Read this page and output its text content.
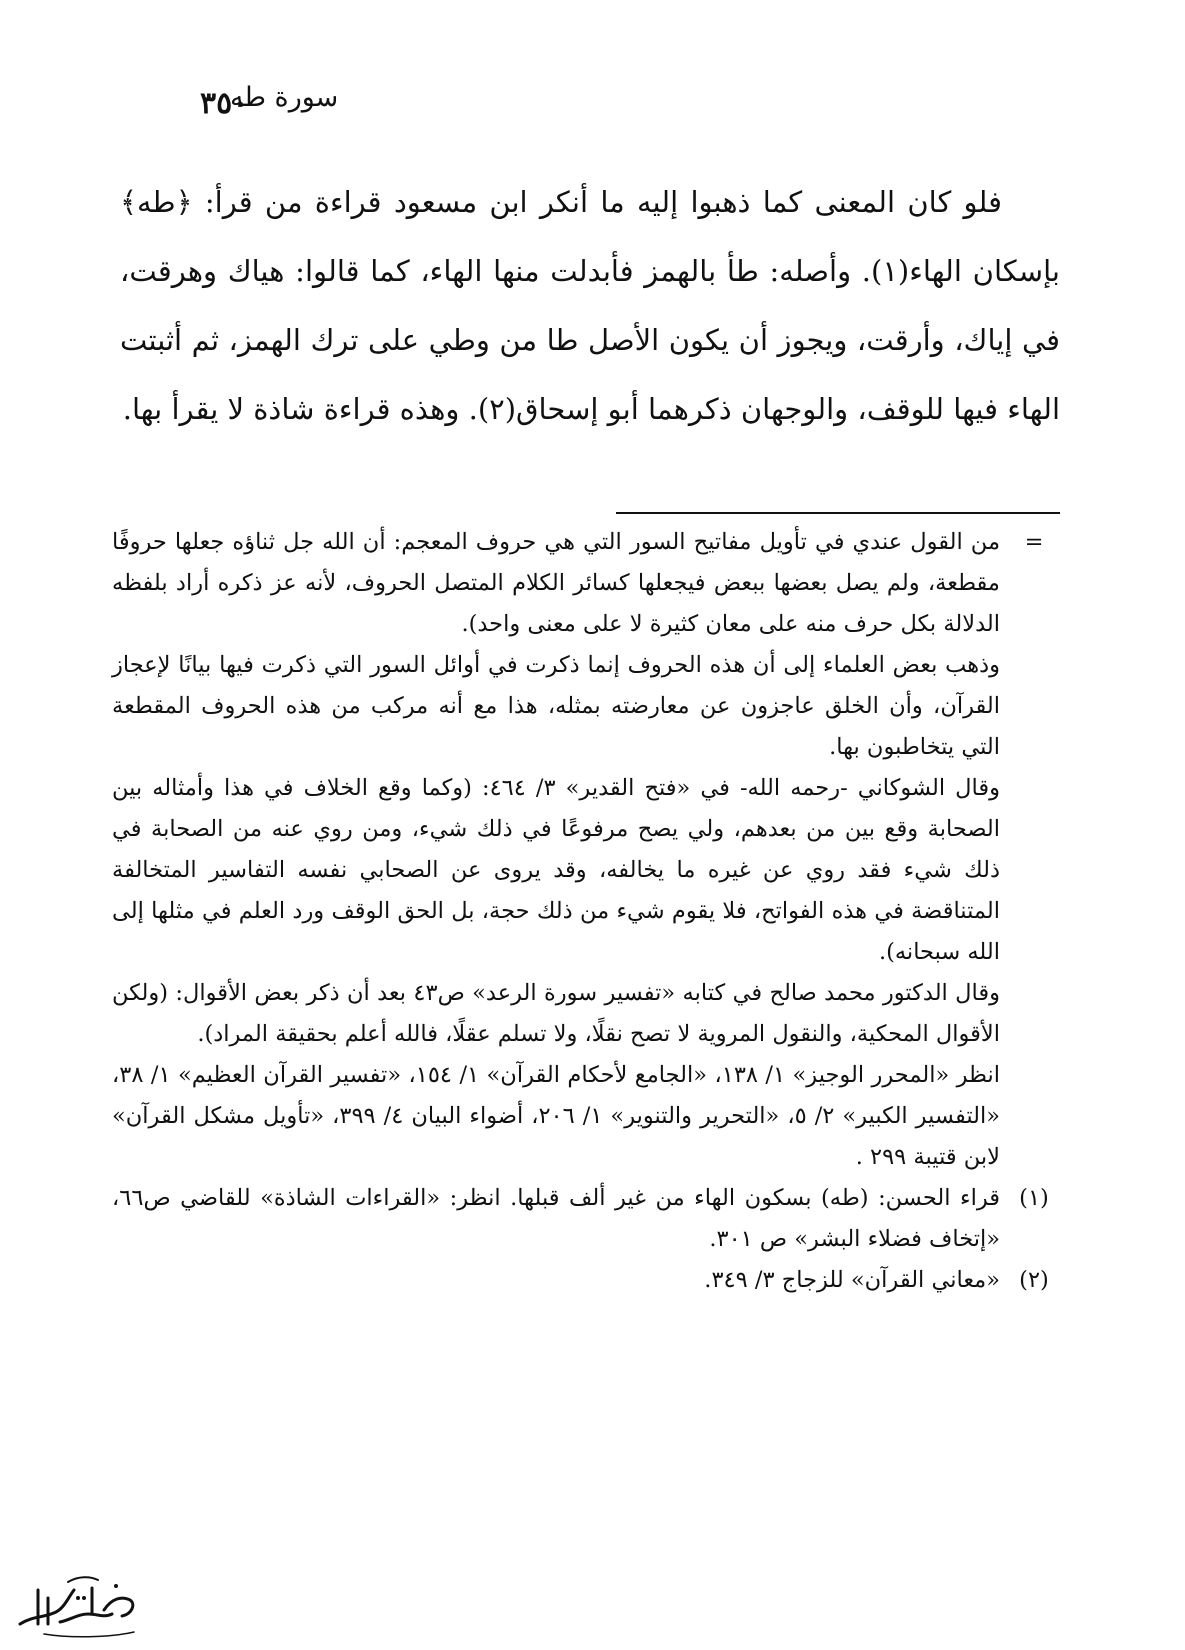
٣٥٠
سورة طه

فلو كان المعنى كما ذهبوا إليه ما أنكر ابن مسعود قراءة من قرأ: ﴿طه﴾ بإسكان الهاء(١). وأصله: طأ بالهمز فأبدلت منها الهاء، كما قالوا: هياك وهرقت، في إياك، وأرقت، ويجوز أن يكون الأصل طا من وطي على ترك الهمز، ثم أثبتت الهاء فيها للوقف، والوجهان ذكرهما أبو إسحاق(٢). وهذه قراءة شاذة لا يقرأ بها.

=

من القول عندي في تأويل مفاتيح السور التي هي حروف المعجم: أن الله جل ثناؤه جعلها حروفًا مقطعة، ولم يصل بعضها ببعض فيجعلها كسائر الكلام المتصل الحروف، لأنه عز ذكره أراد بلفظه الدلالة بكل حرف منه على معان كثيرة لا على معنى واحد).

وذهب بعض العلماء إلى أن هذه الحروف إنما ذكرت في أوائل السور التي ذكرت فيها بيانًا لإعجاز القرآن، وأن الخلق عاجزون عن معارضته بمثله، هذا مع أنه مركب من هذه الحروف المقطعة التي يتخاطبون بها.

وقال الشوكاني -رحمه الله- في «فتح القدير» ٣/ ٤٦٤: (وكما وقع الخلاف في هذا وأمثاله بين الصحابة وقع بين من بعدهم، ولي يصح مرفوعًا في ذلك شيء، ومن روي عنه من الصحابة في ذلك شيء فقد روي عن غيره ما يخالفه، وقد يروى عن الصحابي نفسه التفاسير المتخالفة المتناقضة في هذه الفواتح، فلا يقوم شيء من ذلك حجة، بل الحق الوقف ورد العلم في مثلها إلى الله سبحانه).

وقال الدكتور محمد صالح في كتابه «تفسير سورة الرعد» ص٤٣ بعد أن ذكر بعض الأقوال: (ولكن الأقوال المحكية، والنقول المروية لا تصح نقلًا، ولا تسلم عقلًا، فالله أعلم بحقيقة المراد).

انظر «المحرر الوجيز» ١/ ١٣٨، «الجامع لأحكام القرآن» ١/ ١٥٤، «تفسير القرآن العظيم» ١/ ٣٨، «التفسير الكبير» ٢/ ٥، «التحرير والتنوير» ١/ ٢٠٦، أضواء البيان ٤/ ٣٩٩، «تأويل مشكل القرآن» لابن قتيبة ٢٩٩ .

(١)

قراء الحسن: (طه) بسكون الهاء من غير ألف قبلها. انظر: «القراءات الشاذة» للقاضي ص٦٦، «إتخاف فضلاء البشر» ص ٣٠١.

(٢)

«معاني القرآن» للزجاج ٣/ ٣٤٩.
